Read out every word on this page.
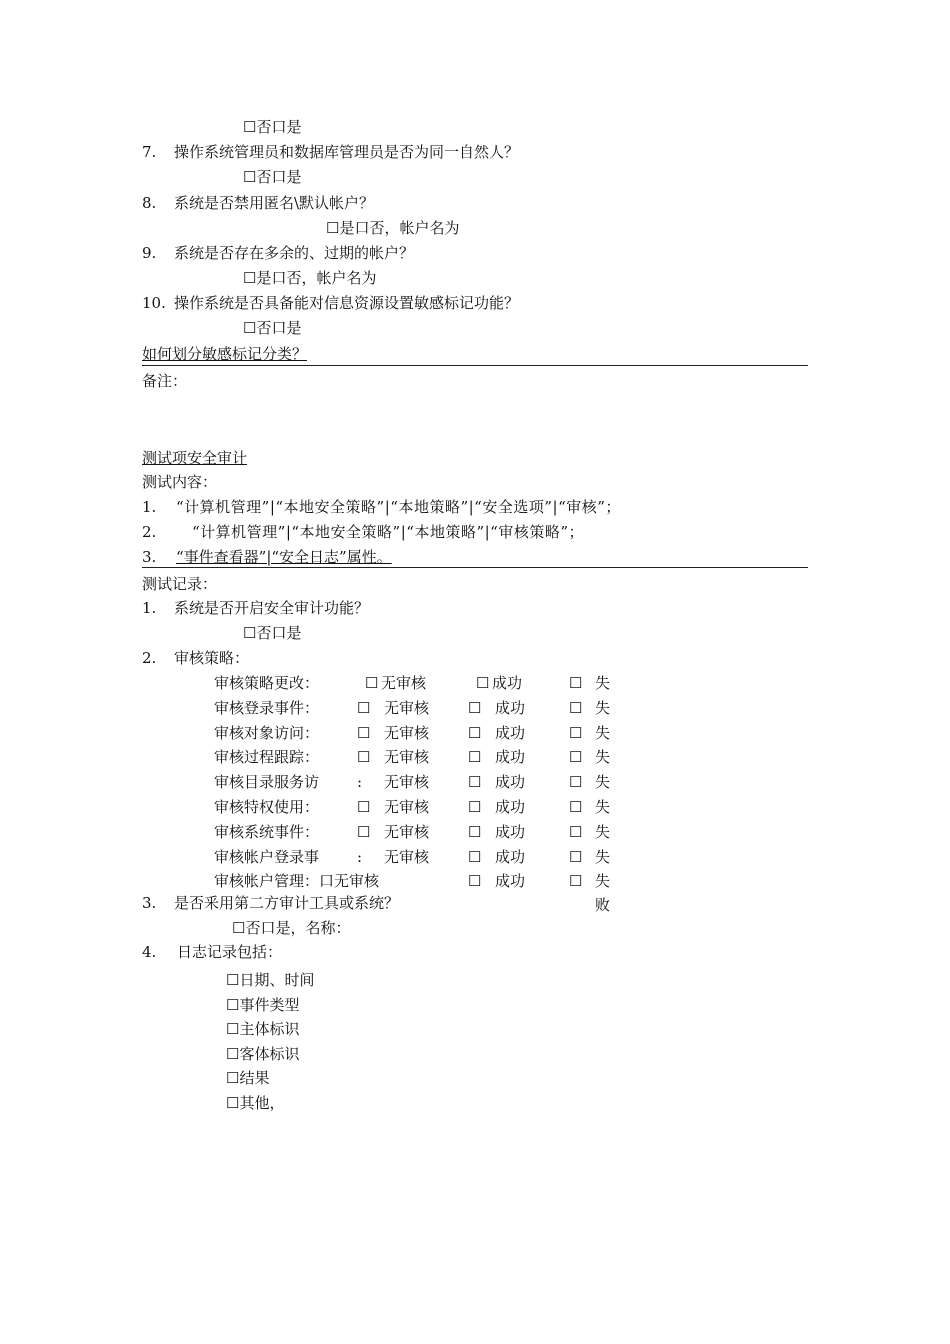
☐否口是
7. 操作系统管理员和数据库管理员是否为同一自然人？
☐否口是
8. 系统是否禁用匿名\默认帐户？
☐是口否，帐户名为
9. 系统是否存在多余的、过期的帐户？
☐是口否，帐户名为
10. 操作系统是否具备能对信息资源设置敏感标记功能？
☐否口是
如何划分敏感标记分类？
备注：
测试项安全审计
测试内容：
1. “计算机管理”|“本地安全策略”|“本地策略”|“安全选项”|“审核”；
2. “计算机管理”|“本地安全策略”|“本地策略”|“审核策略”；
3. “事件查看器”|“安全日志”属性。
测试记录：
1. 系统是否开启安全审计功能？
☐否口是
2. 审核策略：
审核策略更改：	☐ 无审核	☐ 成功	☐ 失
审核登录事件：	☐ 无审核	☐ 成功	☐ 失
审核对象访问：	☐ 无审核	☐ 成功	☐ 失
审核过程跟踪：	☐ 无审核	☐ 成功	☐ 失
审核目录服务访	: 无审核	☐ 成功	☐ 失
审核特权使用：	☐ 无审核	☐ 成功	☐ 失
审核系统事件：	☐ 无审核	☐ 成功	☐ 失
审核帐户登录事	: 无审核	☐ 成功	☐ 失
审核帐户管理：口无审核	☐ 成功	☐ 失败
3. 是否釆用第二方审计工具或系统？
☐否口是，名称：
4. 日志记录包括：
☐日期、时间
☐事件类型
☐主体标识
☐客体标识
☐结果
☐其他，
